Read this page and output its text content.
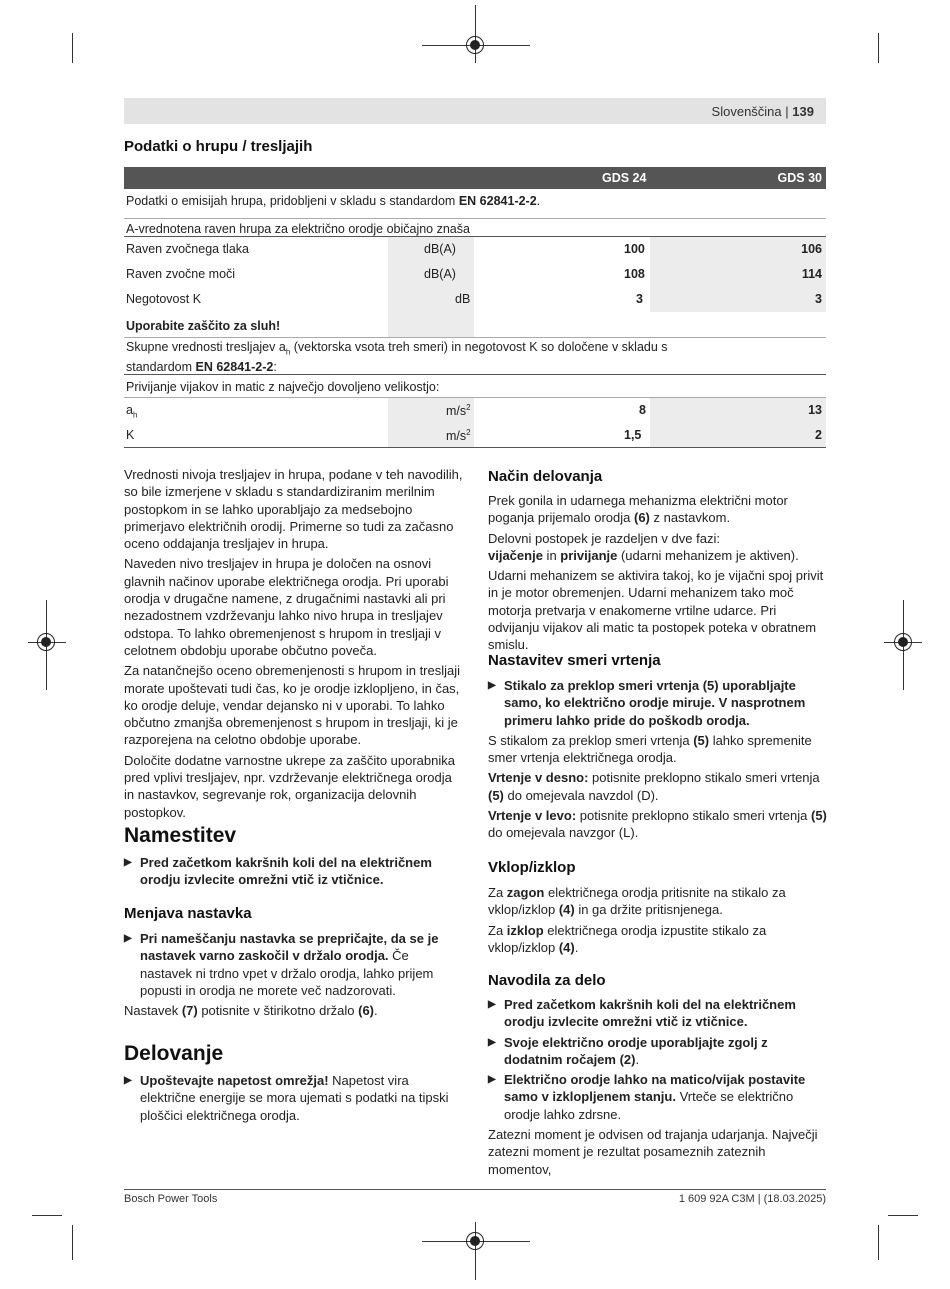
Slovenščina | 139
Podatki o hrupu / tresljajih
GDS 24	GDS 30
Podatki o emisijah hrupa, pridobljeni v skladu s standardom EN 62841-2-2.
A-vrednotena raven hrupa za električno orodje običajno znaša
Raven zvočnega tlaka	dB(A)	100	106
Raven zvočne moči	dB(A)	108	114
Negotovost K	dB	3	3
Uporabite zaščito za sluh!
Skupne vrednosti tresljajev $a_h$ (vektorska vsota treh smeri) in negotovost K so določene v skladu s
standardom EN 62841-2-2:
Privijanje vijakov in matic z največjo dovoljeno velikostjo:
$a_h$	$m/s^2$	8	13
K	$m/s^2$	1,5	2

Vrednosti nivoja tresljajev in hrupa, podane v teh navodilih, so bile izmerjene v skladu s standardiziranim merilnim postopkom in se lahko uporabljajo za medsebojno primerjavo električnih orodij. Primerne so tudi za začasno oceno oddajanja tresljajev in hrupa.

Naveden nivo tresljajev in hrupa je določen na osnovi glavnih načinov uporabe električnega orodja. Pri uporabi orodja v drugačne namene, z drugačnimi nastavki ali pri nezadostnem vzdrževanju lahko nivo hrupa in tresljajev odstopa. To lahko obremenjenost s hrupom in tresljaji v celotnem obdobju uporabe občutno poveča.

Za natančnejšo oceno obremenjenosti s hrupom in tresljaji morate upoštevati tudi čas, ko je orodje izklopljeno, in čas, ko orodje deluje, vendar dejansko ni v uporabi. To lahko občutno zmanjša obremenjenost s hrupom in tresljaji, ki je razporejena na celotno obdobje uporabe.

Določite dodatne varnostne ukrepe za zaščito uporabnika pred vplivi tresljajev, npr. vzdrževanje električnega orodja in nastavkov, segrevanje rok, organizacija delovnih postopkov.

Namestitev
▶ Pred začetkom kakršnih koli del na električnem orodju izvlecite omrežni vtič iz vtičnice.
Menjava nastavka
▶ Pri nameščanju nastavka se prepričajte, da se je nastavek varno zaskočil v držalo orodja. Če nastavek ni trdno vpet v držalo orodja, lahko prijem popusti in orodja ne morete več nadzorovati.

Nastavek (7) potisnite v štirikotno držalo (6).

Delovanje
▶ Upoštevajte napetost omrežja! Napetost vira električne energije se mora ujemati s podatki na tipski ploščici električnega orodja.
Način delovanja

Prek gonila in udarnega mehanizma električni motor poganja prijemalo orodja (6) z nastavkom.

Delovni postopek je razdeljen v dve fazi:

vijačenje in privijanje (udarni mehanizem je aktiven).

Udarni mehanizem se aktivira takoj, ko je vijačni spoj privit in je motor obremenjen. Udarni mehanizem tako moč motorja pretvarja v enakomerne vrtilne udarce. Pri odvijanju vijakov ali matic ta postopek poteka v obratnem smislu.

Nastavitev smeri vrtenja
▶ Stikalo za preklop smeri vrtenja (5) uporabljajte samo, ko električno orodje miruje. V nasprotnem primeru lahko pride do poškodb orodja.

S stikalom za preklop smeri vrtenja (5) lahko spremenite smer vrtenja električnega orodja.

Vrtenje v desno: potisnite preklopno stikalo smeri vrtenja (5) do omejevala navzdol (D).

Vrtenje v levo: potisnite preklopno stikalo smeri vrtenja (5) do omejevala navzgor (L).

Vklop/izklop

Za zagon električnega orodja pritisnite na stikalo za vklop/izklop (4) in ga držite pritisnjenega.

Za izklop električnega orodja izpustite stikalo za vklop/izklop (4).

Navodila za delo
▶ Pred začetkom kakršnih koli del na električnem orodju izvlecite omrežni vtič iz vtičnice.
▶ Svoje električno orodje uporabljajte zgolj z dodatnim ročajem (2).
▶ Električno orodje lahko na matico/vijak postavite samo v izklopljenem stanju. Vrteče se električno orodje lahko zdrsne.

Zatezni moment je odvisen od trajanja udarjanja. Največji zatezni moment je rezultat posameznih zateznih momentov,

Bosch Power Tools	1 609 92A C3M | (18.03.2025)
